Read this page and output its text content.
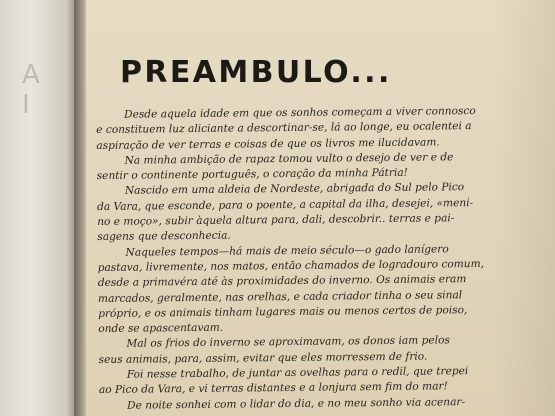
A I
PREAMBULO...

Desde aquela idade em que os sonhos começam a viver connosco
e constituem luz aliciante a descortinar-se, lá ao longe, eu ocalentei a
aspiração de ver terras e coisas de que os livros me ilucidavam.

Na minha ambição de rapaz tomou vulto o desejo de ver e de
sentir o continente português, o coração da minha Pátria!

Nascido em uma aldeia de Nordeste, abrigada do Sul pelo Pico
da Vara, que esconde, para o poente, a capital da ilha, desejei, «meni-
no e moço», subir àquela altura para, dali, descobrir.. terras e pai-
sagens que desconhecia.

Naqueles tempos—há mais de meio século—o gado lanígero
pastava, livremente, nos matos, então chamados de logradouro comum,
desde a primavéra até às proximidades do inverno. Os animais eram
marcados, geralmente, nas orelhas, e cada criador tinha o seu sinal
próprio, e os animais tinham lugares mais ou menos certos de poiso,
onde se apascentavam.

Mal os frios do inverno se aproximavam, os donos iam pelos
seus animais, para, assim, evitar que eles morressem de frio.

Foi nesse trabalho, de juntar as ovelhas para o redil, que trepei
ao Pico da Vara, e vi terras distantes e a lonjura sem fim do mar!

De noite sonhei com o lidar do dia, e no meu sonho via acenar-
